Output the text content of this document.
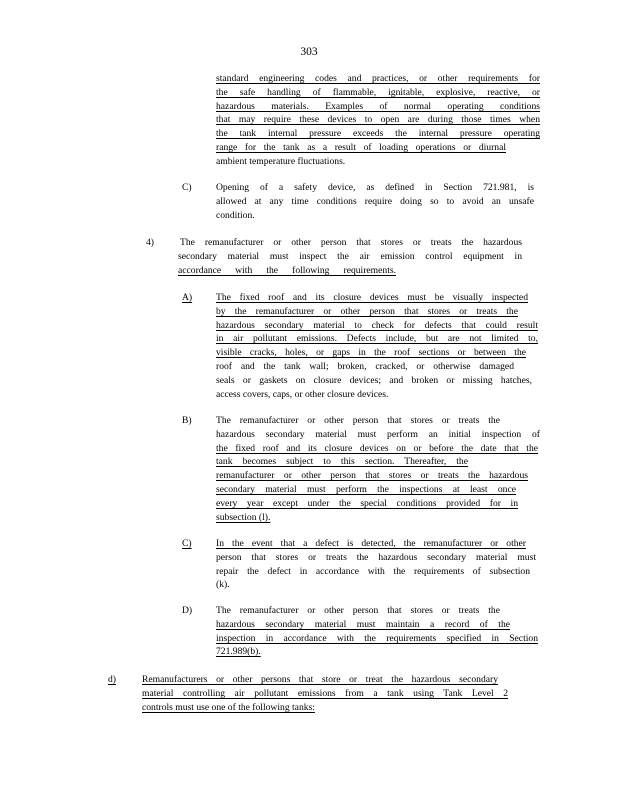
303
standard engineering codes and practices, or other requirements for
the safe handling of flammable, ignitable, explosive, reactive, or
hazardous materials. Examples of normal operating conditions
that may require these devices to open are during those times when
the tank internal pressure exceeds the internal pressure operating
range for the tank as a result of loading operations or diurnal
ambient temperature fluctuations.
C)	Opening of a safety device, as defined in Section 721.981, is
allowed at any time conditions require doing so to avoid an unsafe
condition.
4)	The remanufacturer or other person that stores or treats the hazardous
secondary material must inspect the air emission control equipment in
accordance with the following requirements.
A) The fixed roof and its closure devices must be visually inspected
by the remanufacturer or other person that stores or treats the
hazardous secondary material to check for defects that could result
in air pollutant emissions. Defects include, but are not limited to,
visible cracks, holes, or gaps in the roof sections or between the
roof and the tank wall; broken, cracked, or otherwise damaged
seals or gaskets on closure devices; and broken or missing hatches,
access covers, caps, or other closure devices.
B)	The remanufacturer or other person that stores or treats the
hazardous secondary material must perform an initial inspection of
the fixed roof and its closure devices on or before the date that the
tank becomes subject to this section. Thereafter, the
remanufacturer or other person that stores or treats the hazardous
secondary material must perform the inspections at least once
every year except under the special conditions provided for in
subsection (l).
C)	In the event that a defect is detected, the remanufacturer or other
person that stores or treats the hazardous secondary material must
repair the defect in accordance with the requirements of subsection
(k).
D) The remanufacturer or other person that stores or treats the
hazardous secondary material must maintain a record of the
inspection in accordance with the requirements specified in Section
721.989(b).
d)	Remanufacturers or other persons that store or treat the hazardous secondary
material controlling air pollutant emissions from a tank using Tank Level 2
controls must use one of the following tanks:
